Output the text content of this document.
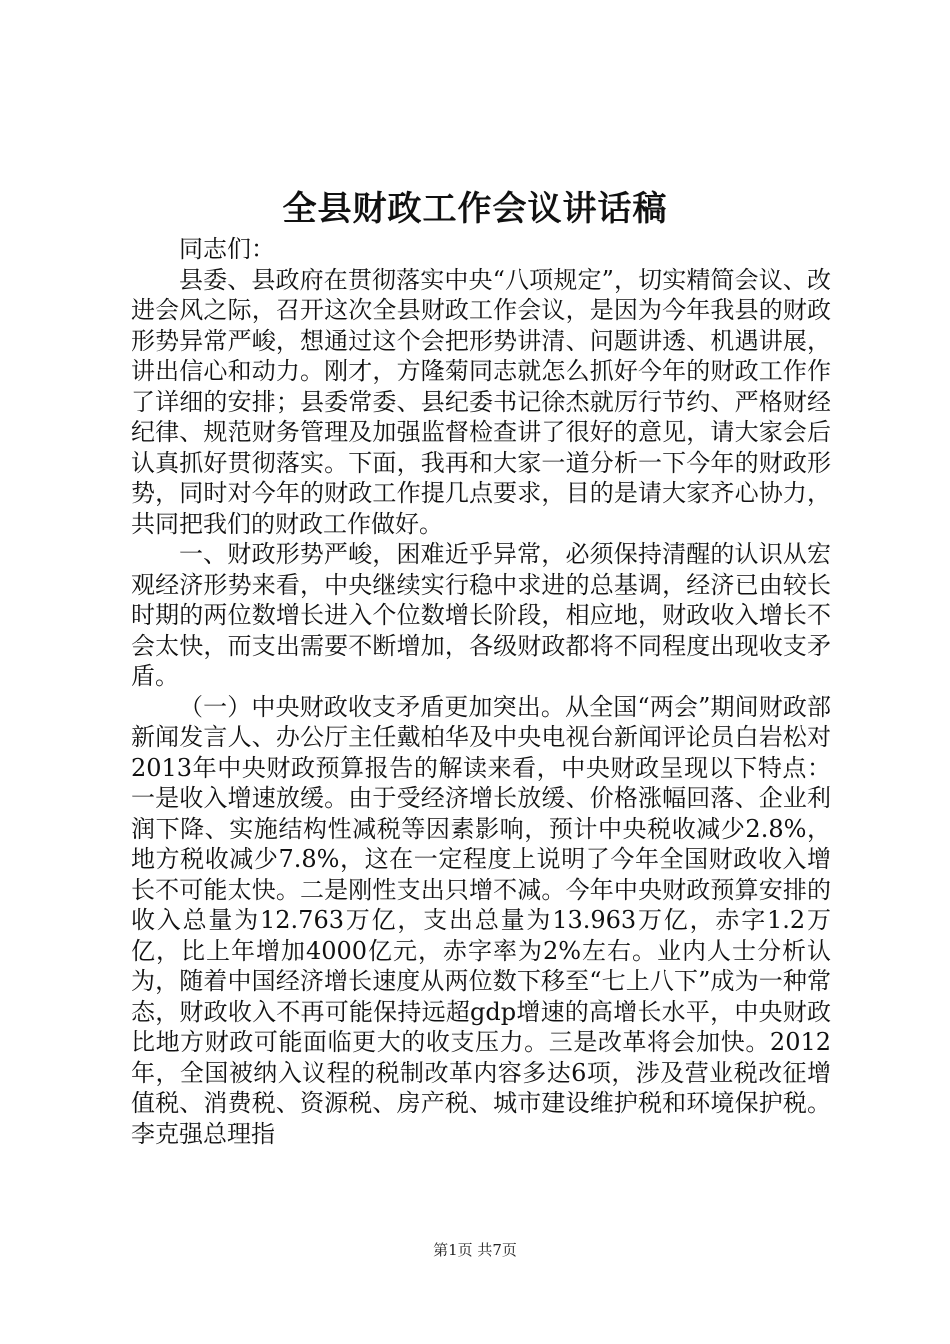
全县财政工作会议讲话稿

同志们：

县委、县政府在贯彻落实中央“八项规定”，切实精简会议、改进会风之际，召开这次全县财政工作会议，是因为今年我县的财政形势异常严峻，想通过这个会把形势讲清、问题讲透、机遇讲展，讲出信心和动力。刚才，方隆菊同志就怎么抓好今年的财政工作作了详细的安排；县委常委、县纪委书记徐杰就厉行节约、严格财经纪律、规范财务管理及加强监督检查讲了很好的意见，请大家会后认真抓好贯彻落实。下面，我再和大家一道分析一下今年的财政形势，同时对今年的财政工作提几点要求，目的是请大家齐心协力，共同把我们的财政工作做好。

一、财政形势严峻，困难近乎异常，必须保持清醒的认识从宏观经济形势来看，中央继续实行稳中求进的总基调，经济已由较长时期的两位数增长进入个位数增长阶段，相应地，财政收入增长不会太快，而支出需要不断增加，各级财政都将不同程度出现收支矛盾。

（一）中央财政收支矛盾更加突出。从全国“两会”期间财政部新闻发言人、办公厅主任戴柏华及中央电视台新闻评论员白岩松对2013年中央财政预算报告的解读来看，中央财政呈现以下特点：一是收入增速放缓。由于受经济增长放缓、价格涨幅回落、企业利润下降、实施结构性减税等因素影响，预计中央税收减少2.8%，地方税收减少7.8%，这在一定程度上说明了今年全国财政收入增长不可能太快。二是刚性支出只增不减。今年中央财政预算安排的收入总量为12.763万亿，支出总量为13.963万亿，赤字1.2万亿，比上年增加4000亿元，赤字率为2%左右。业内人士分析认为，随着中国经济增长速度从两位数下移至“七上八下”成为一种常态，财政收入不再可能保持远超gdp增速的高增长水平，中央财政比地方财政可能面临更大的收支压力。三是改革将会加快。2012年，全国被纳入议程的税制改革内容多达6项，涉及营业税改征增值税、消费税、资源税、房产税、城市建设维护税和环境保护税。李克强总理指

第1页 共7页
